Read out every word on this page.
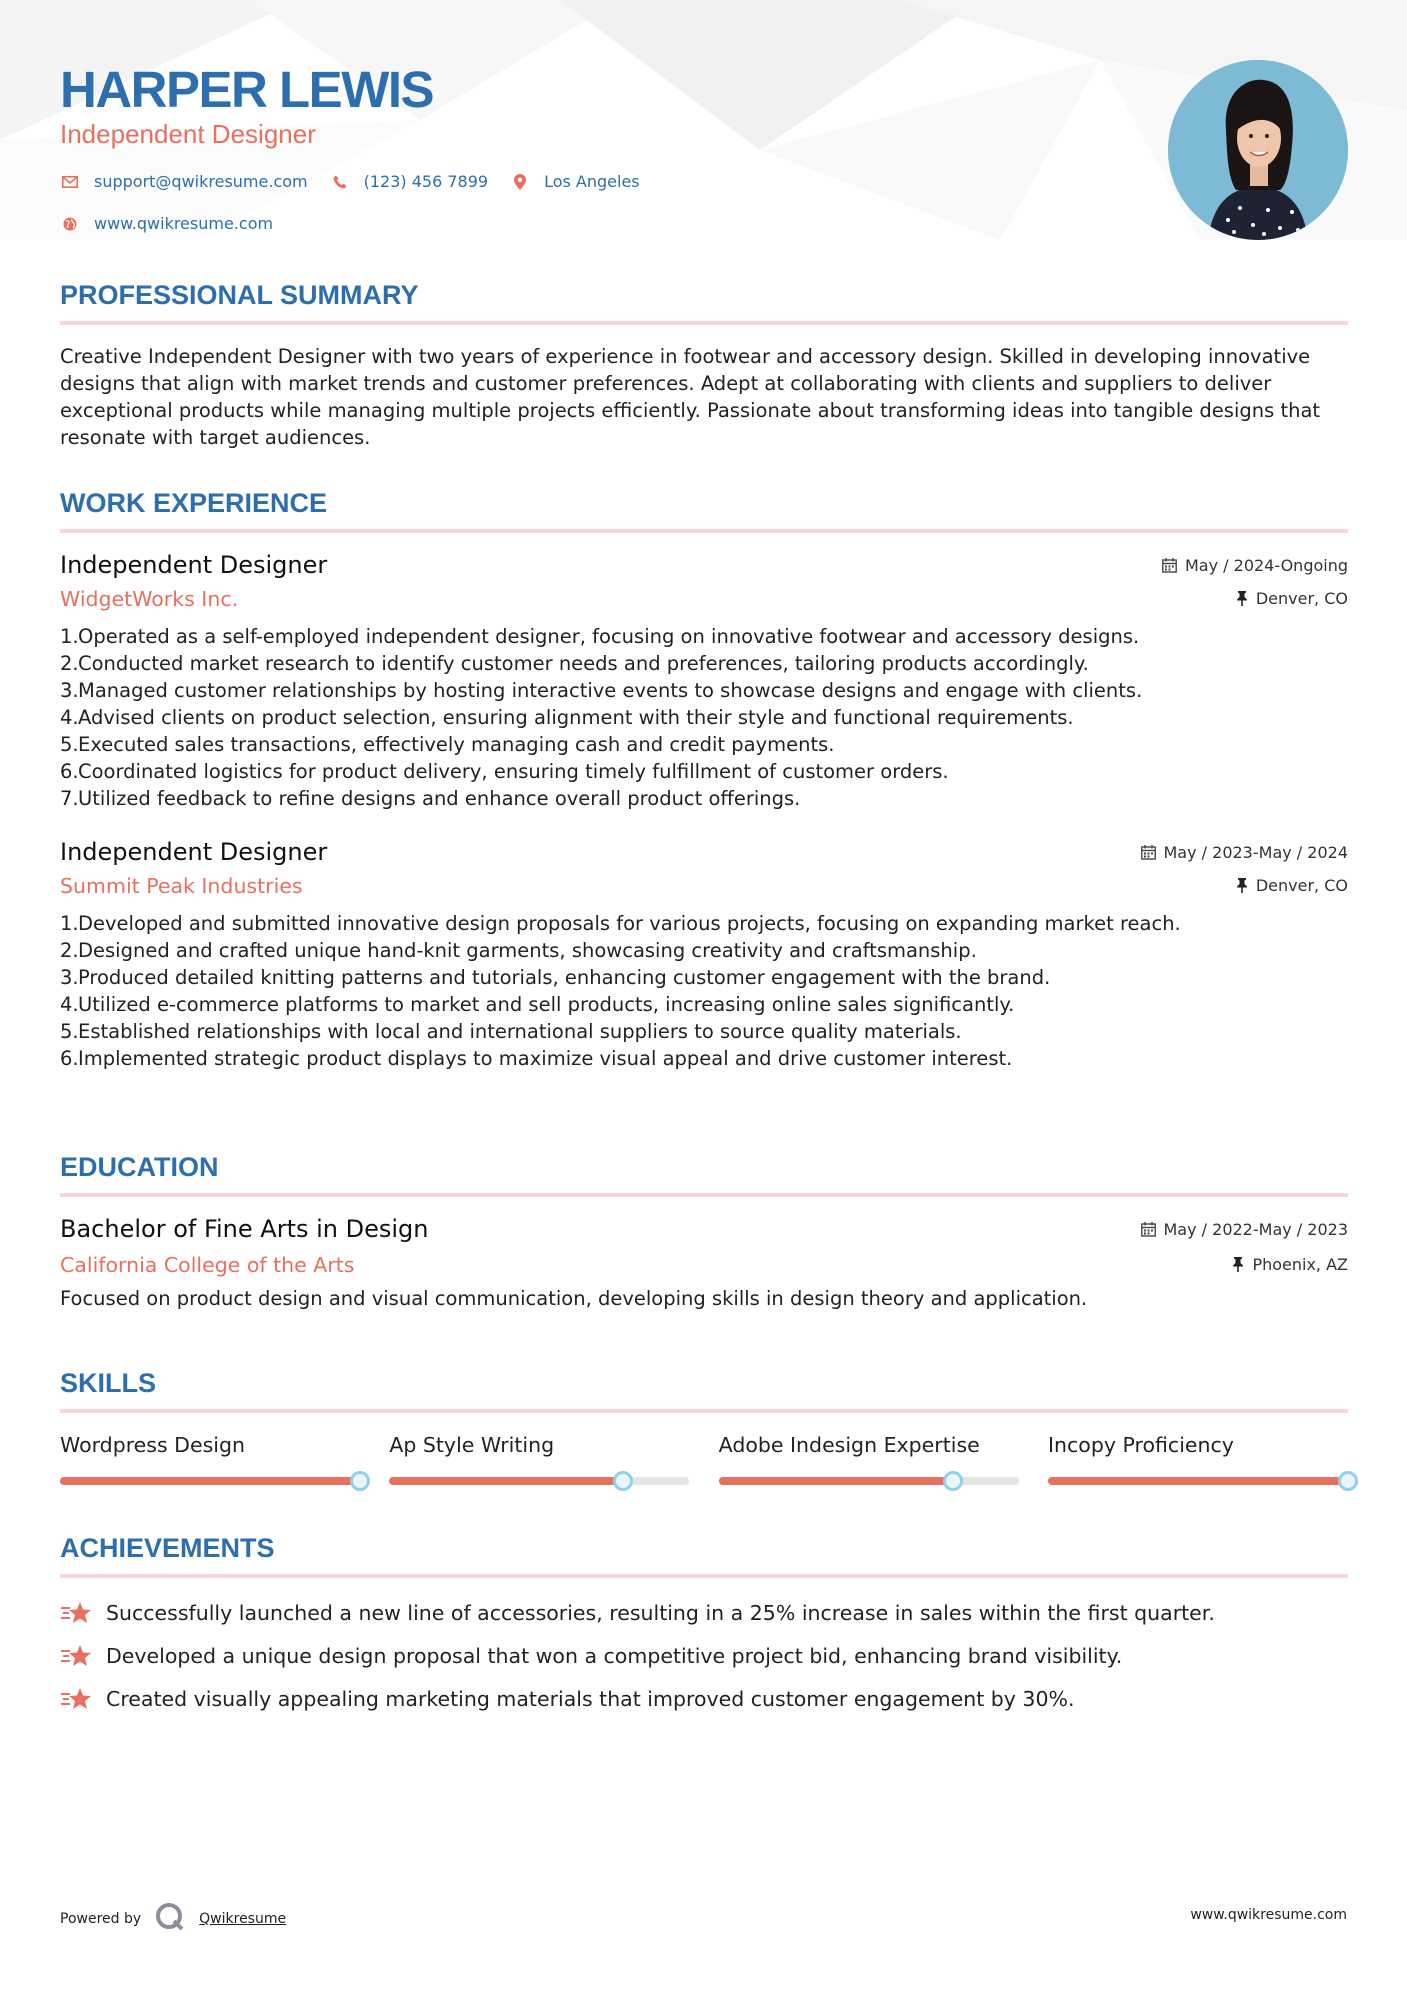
HARPER LEWIS
Independent Designer
support@qwikresume.com	(123) 456 7899	Los Angeles
www.qwikresume.com
PROFESSIONAL SUMMARY
Creative Independent Designer with two years of experience in footwear and accessory design. Skilled in developing innovative designs that align with market trends and customer preferences. Adept at collaborating with clients and suppliers to deliver exceptional products while managing multiple projects efficiently. Passionate about transforming ideas into tangible designs that resonate with target audiences.
WORK EXPERIENCE
Independent Designer	May / 2024-Ongoing
WidgetWorks Inc.	Denver, CO
1. Operated as a self-employed independent designer, focusing on innovative footwear and accessory designs.
2. Conducted market research to identify customer needs and preferences, tailoring products accordingly.
3. Managed customer relationships by hosting interactive events to showcase designs and engage with clients.
4. Advised clients on product selection, ensuring alignment with their style and functional requirements.
5. Executed sales transactions, effectively managing cash and credit payments.
6. Coordinated logistics for product delivery, ensuring timely fulfillment of customer orders.
7. Utilized feedback to refine designs and enhance overall product offerings.
Independent Designer	May / 2023-May / 2024
Summit Peak Industries	Denver, CO
1. Developed and submitted innovative design proposals for various projects, focusing on expanding market reach.
2. Designed and crafted unique hand-knit garments, showcasing creativity and craftsmanship.
3. Produced detailed knitting patterns and tutorials, enhancing customer engagement with the brand.
4. Utilized e-commerce platforms to market and sell products, increasing online sales significantly.
5. Established relationships with local and international suppliers to source quality materials.
6. Implemented strategic product displays to maximize visual appeal and drive customer interest.
EDUCATION
Bachelor of Fine Arts in Design	May / 2022-May / 2023
California College of the Arts	Phoenix, AZ
Focused on product design and visual communication, developing skills in design theory and application.
SKILLS
Wordpress Design	Ap Style Writing	Adobe Indesign Expertise	Incopy Proficiency
ACHIEVEMENTS
Successfully launched a new line of accessories, resulting in a 25% increase in sales within the first quarter.
Developed a unique design proposal that won a competitive project bid, enhancing brand visibility.
Created visually appealing marketing materials that improved customer engagement by 30%.
Powered by	Qwikresume	www.qwikresume.com
